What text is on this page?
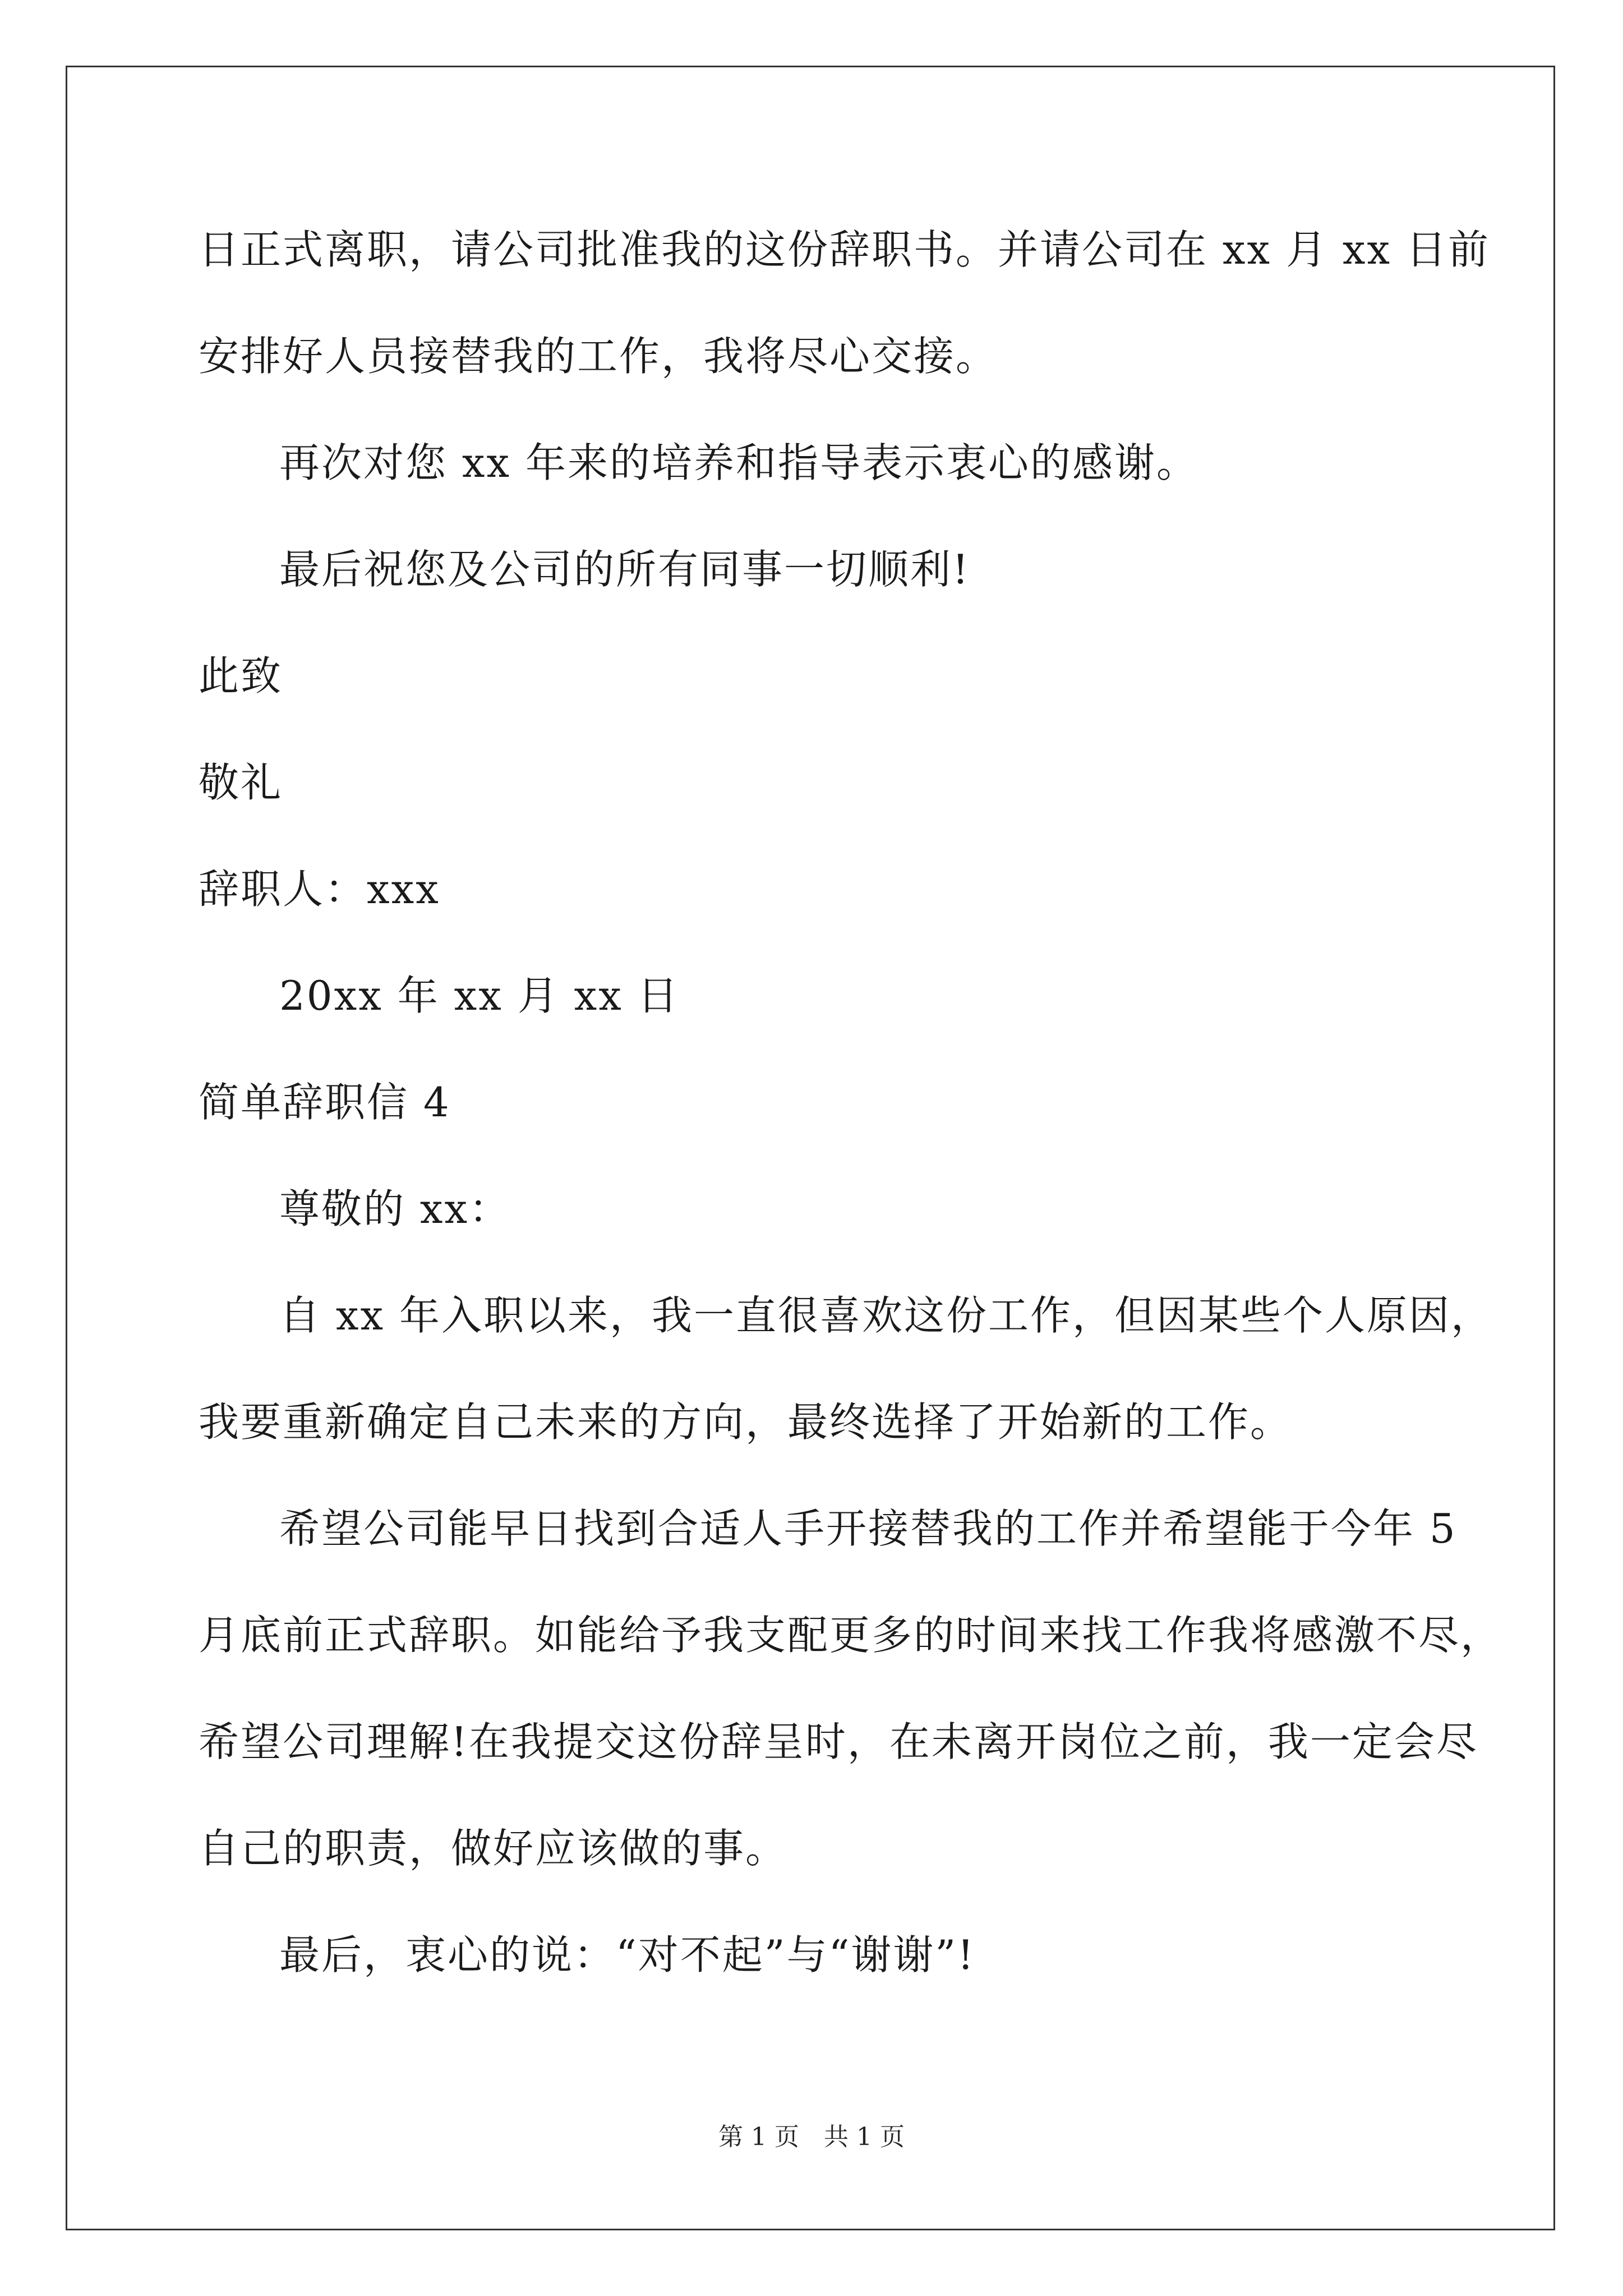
日正式离职，请公司批准我的这份辞职书。并请公司在 xx 月 xx 日前
安排好人员接替我的工作，我将尽心交接。
再次对您 xx 年来的培养和指导表示衷心的感谢。
最后祝您及公司的所有同事一切顺利!
此致
敬礼
辞职人：xxx
20xx 年 xx 月 xx 日
简单辞职信 4
尊敬的 xx：
自 xx 年入职以来，我一直很喜欢这份工作，但因某些个人原因，
我要重新确定自己未来的方向，最终选择了开始新的工作。
希望公司能早日找到合适人手开接替我的工作并希望能于今年 5
月底前正式辞职。如能给予我支配更多的时间来找工作我将感激不尽，
希望公司理解!在我提交这份辞呈时，在未离开岗位之前，我一定会尽
自己的职责，做好应该做的事。
最后，衷心的说：“对不起”与“谢谢”!
第 1 页　共 1 页
